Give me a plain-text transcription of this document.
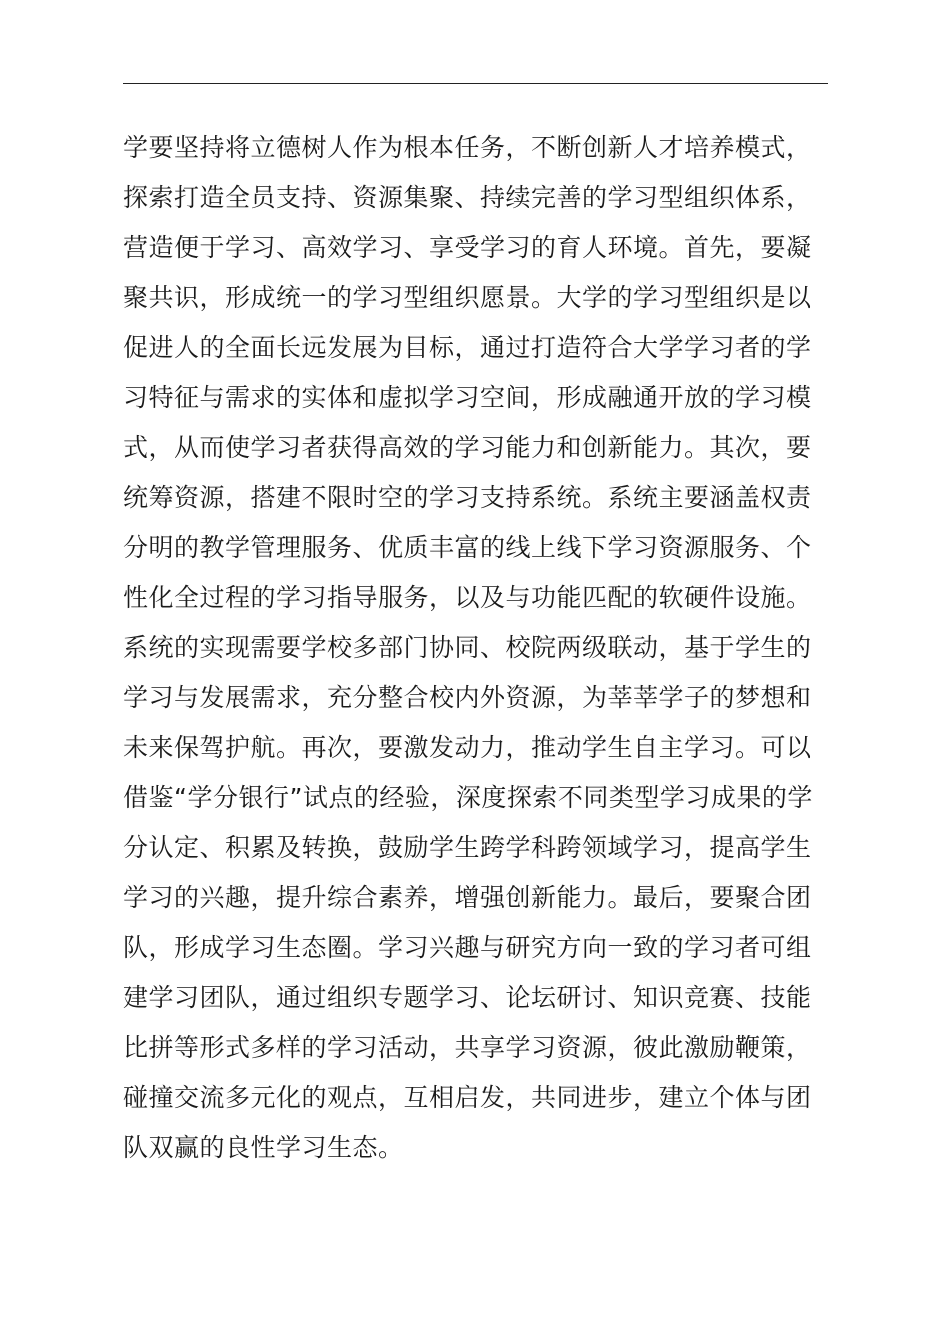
学要坚持将立德树人作为根本任务，不断创新人才培养模式，
探索打造全员支持、资源集聚、持续完善的学习型组织体系，
营造便于学习、高效学习、享受学习的育人环境。首先，要凝
聚共识，形成统一的学习型组织愿景。大学的学习型组织是以
促进人的全面长远发展为目标，通过打造符合大学学习者的学
习特征与需求的实体和虚拟学习空间，形成融通开放的学习模
式，从而使学习者获得高效的学习能力和创新能力。其次，要
统筹资源，搭建不限时空的学习支持系统。系统主要涵盖权责
分明的教学管理服务、优质丰富的线上线下学习资源服务、个
性化全过程的学习指导服务，以及与功能匹配的软硬件设施。
系统的实现需要学校多部门协同、校院两级联动，基于学生的
学习与发展需求，充分整合校内外资源，为莘莘学子的梦想和
未来保驾护航。再次，要激发动力，推动学生自主学习。可以
借鉴“学分银行”试点的经验，深度探索不同类型学习成果的学
分认定、积累及转换，鼓励学生跨学科跨领域学习，提高学生
学习的兴趣，提升综合素养，增强创新能力。最后，要聚合团
队，形成学习生态圈。学习兴趣与研究方向一致的学习者可组
建学习团队，通过组织专题学习、论坛研讨、知识竞赛、技能
比拼等形式多样的学习活动，共享学习资源，彼此激励鞭策，
碰撞交流多元化的观点，互相启发，共同进步，建立个体与团
队双赢的良性学习生态。
